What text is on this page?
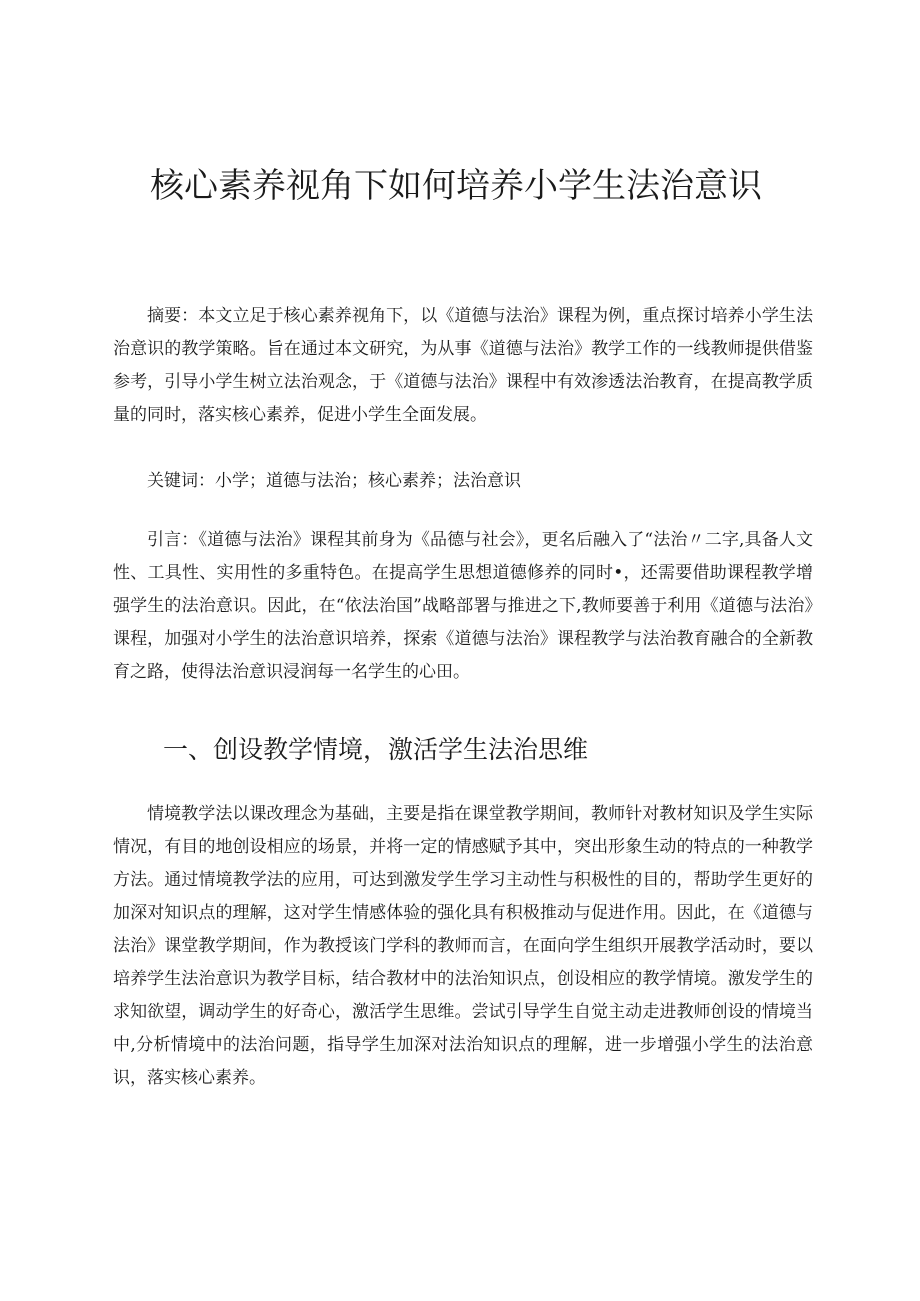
核心素养视角下如何培养小学生法治意识

摘要：本文立足于核心素养视角下，以《道德与法治》课程为例，重点探讨培养小学生法治意识的教学策略。旨在通过本文研究，为从事《道德与法治》教学工作的一线教师提供借鉴参考，引导小学生树立法治观念，于《道德与法治》课程中有效渗透法治教育，在提高教学质量的同时，落实核心素养，促进小学生全面发展。

关键词：小学；道德与法治；核心素养；法治意识

引言：《道德与法治》课程其前身为《品德与社会》，更名后融入了“法治〃二字,具备人文性、工具性、实用性的多重特色。在提高学生思想道德修养的同时•，还需要借助课程教学增强学生的法治意识。因此，在“依法治国”战略部署与推进之下,教师要善于利用《道德与法治》课程，加强对小学生的法治意识培养，探索《道德与法治》课程教学与法治教育融合的全新教育之路，使得法治意识浸润每一名学生的心田。

一、创设教学情境，激活学生法治思维

情境教学法以课改理念为基础，主要是指在课堂教学期间，教师针对教材知识及学生实际情况，有目的地创设相应的场景，并将一定的情感赋予其中，突出形象生动的特点的一种教学方法。通过情境教学法的应用，可达到激发学生学习主动性与积极性的目的，帮助学生更好的加深对知识点的理解，这对学生情感体验的强化具有积极推动与促进作用。因此，在《道德与法治》课堂教学期间，作为教授该门学科的教师而言，在面向学生组织开展教学活动时，要以培养学生法治意识为教学目标，结合教材中的法治知识点，创设相应的教学情境。激发学生的求知欲望，调动学生的好奇心，激活学生思维。尝试引导学生自觉主动走进教师创设的情境当中,分析情境中的法治问题，指导学生加深对法治知识点的理解，进一步增强小学生的法治意识，落实核心素养。
